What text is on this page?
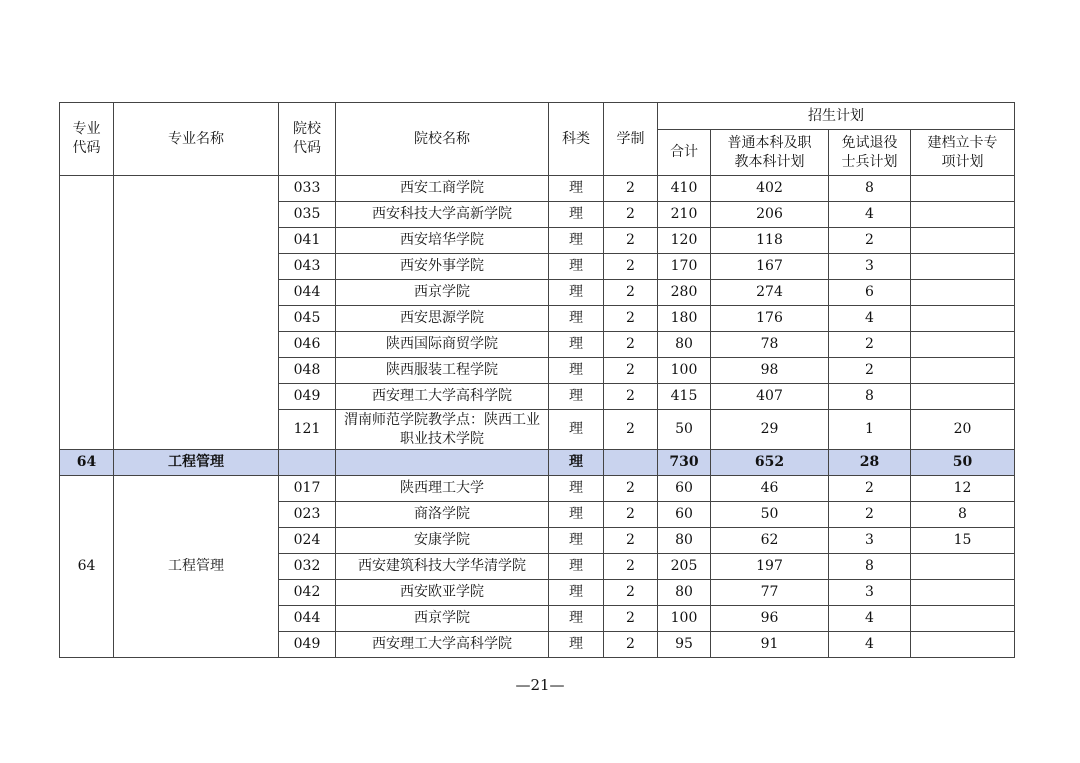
专业代码	专业名称	院校代码	院校名称	科类	学制	招生计划			
						合计	普通本科及职教本科计划	免试退役士兵计划	建档立卡专项计划
		033	西安工商学院	理	2	410	402	8	
		035	西安科技大学高新学院	理	2	210	206	4	
		041	西安培华学院	理	2	120	118	2	
		043	西安外事学院	理	2	170	167	3	
		044	西京学院	理	2	280	274	6	
		045	西安思源学院	理	2	180	176	4	
		046	陕西国际商贸学院	理	2	80	78	2	
		048	陕西服装工程学院	理	2	100	98	2	
		049	西安理工大学高科学院	理	2	415	407	8	
		121	渭南师范学院教学点：陕西工业职业技术学院	理	2	50	29	1	20
64	工程管理			理		730	652	28	50
64	工程管理	017	陕西理工大学	理	2	60	46	2	12
		023	商洛学院	理	2	60	50	2	8
		024	安康学院	理	2	80	62	3	15
		032	西安建筑科技大学华清学院	理	2	205	197	8	
		042	西安欧亚学院	理	2	80	77	3	
		044	西京学院	理	2	100	96	4	
		049	西安理工大学高科学院	理	2	95	91	4	
—21—
